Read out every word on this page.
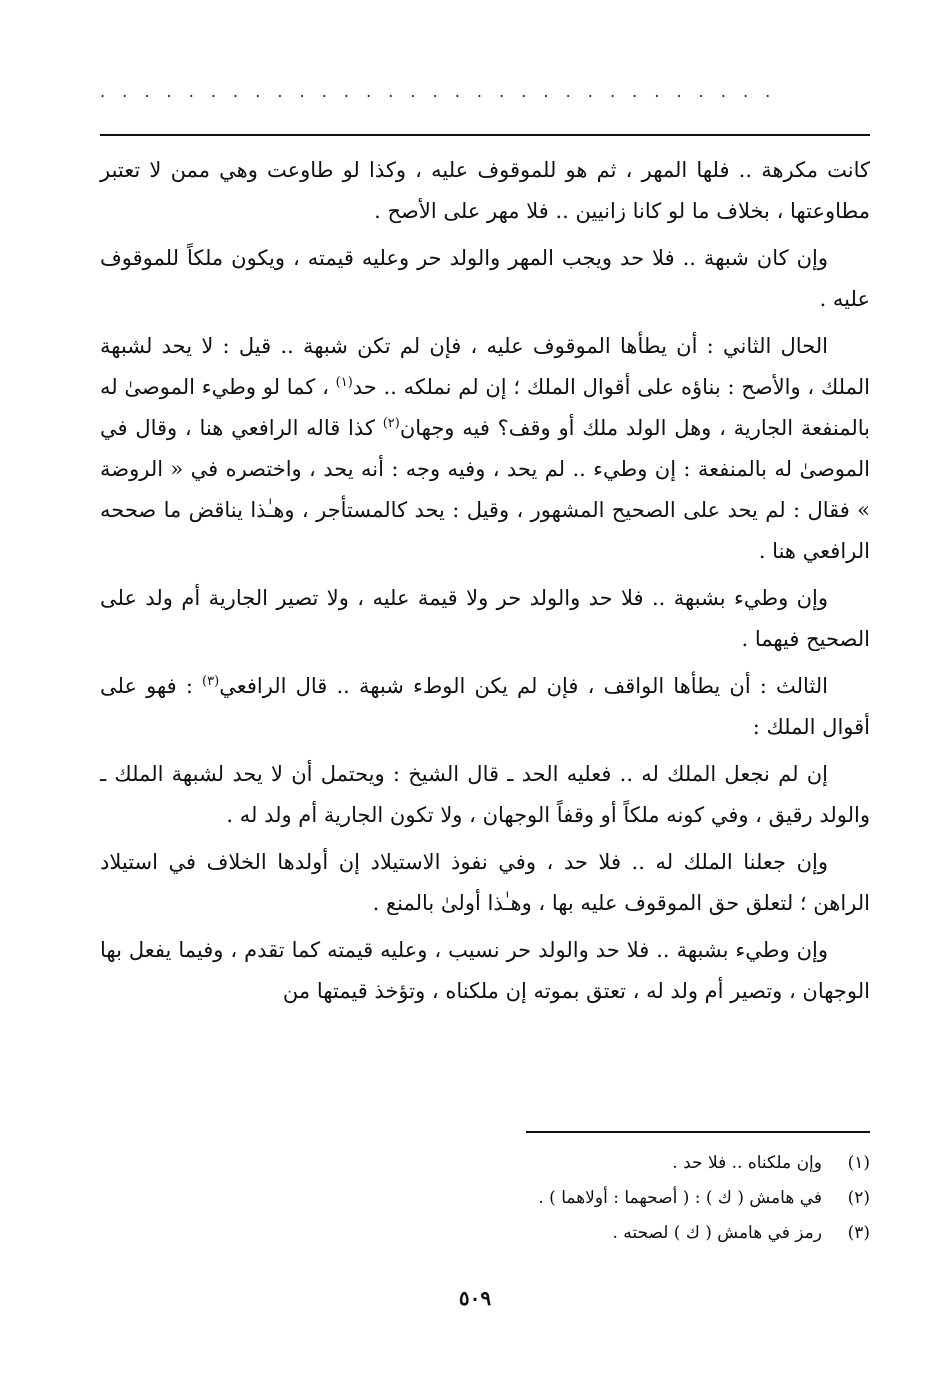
. . . . . . . . . . . . . . . . . . . . . . . . . . . . . . .

كانت مكرهة .. فلها المهر ، ثم هو للموقوف عليه ، وكذا لو طاوعت وهي ممن لا تعتبر مطاوعتها ، بخلاف ما لو كانا زانيين .. فلا مهر على الأصح .

وإن كان شبهة .. فلا حد ويجب المهر والولد حر وعليه قيمته ، ويكون ملكاً للموقوف عليه .

الحال الثاني : أن يطأها الموقوف عليه ، فإن لم تكن شبهة .. قيل : لا يحد لشبهة الملك ، والأصح : بناؤه على أقوال الملك ؛ إن لم نملكه .. حد$^{(١)}$ ، كما لو وطيء الموصىٰ له بالمنفعة الجارية ، وهل الولد ملك أو وقف؟ فيه وجهان$^{(٢)}$ كذا قاله الرافعي هنا ، وقال في الموصىٰ له بالمنفعة : إن وطيء .. لم يحد ، وفيه وجه : أنه يحد ، واختصره في « الروضة » فقال : لم يحد على الصحيح المشهور ، وقيل : يحد كالمستأجر ، وهـٰذا يناقض ما صححه الرافعي هنا .

وإن وطيء بشبهة .. فلا حد والولد حر ولا قيمة عليه ، ولا تصير الجارية أم ولد على الصحيح فيهما .

الثالث : أن يطأها الواقف ، فإن لم يكن الوطء شبهة .. قال الرافعي$^{(٣)}$ : فهو على أقوال الملك :

إن لم نجعل الملك له .. فعليه الحد ـ قال الشيخ : ويحتمل أن لا يحد لشبهة الملك ـ والولد رقيق ، وفي كونه ملكاً أو وقفاً الوجهان ، ولا تكون الجارية أم ولد له .

وإن جعلنا الملك له .. فلا حد ، وفي نفوذ الاستيلاد إن أولدها الخلاف في استيلاد الراهن ؛ لتعلق حق الموقوف عليه بها ، وهـٰذا أولىٰ بالمنع .

وإن وطيء بشبهة .. فلا حد والولد حر نسيب ، وعليه قيمته كما تقدم ، وفيما يفعل بها الوجهان ، وتصير أم ولد له ، تعتق بموته إن ملكناه ، وتؤخذ قيمتها من

(١)
وإن ملكناه .. فلا حد .
(٢)
في هامش ( ك ) : ( أصحهما : أولاهما ) .
(٣)
رمز في هامش ( ك ) لصحته .
٥٠٩
